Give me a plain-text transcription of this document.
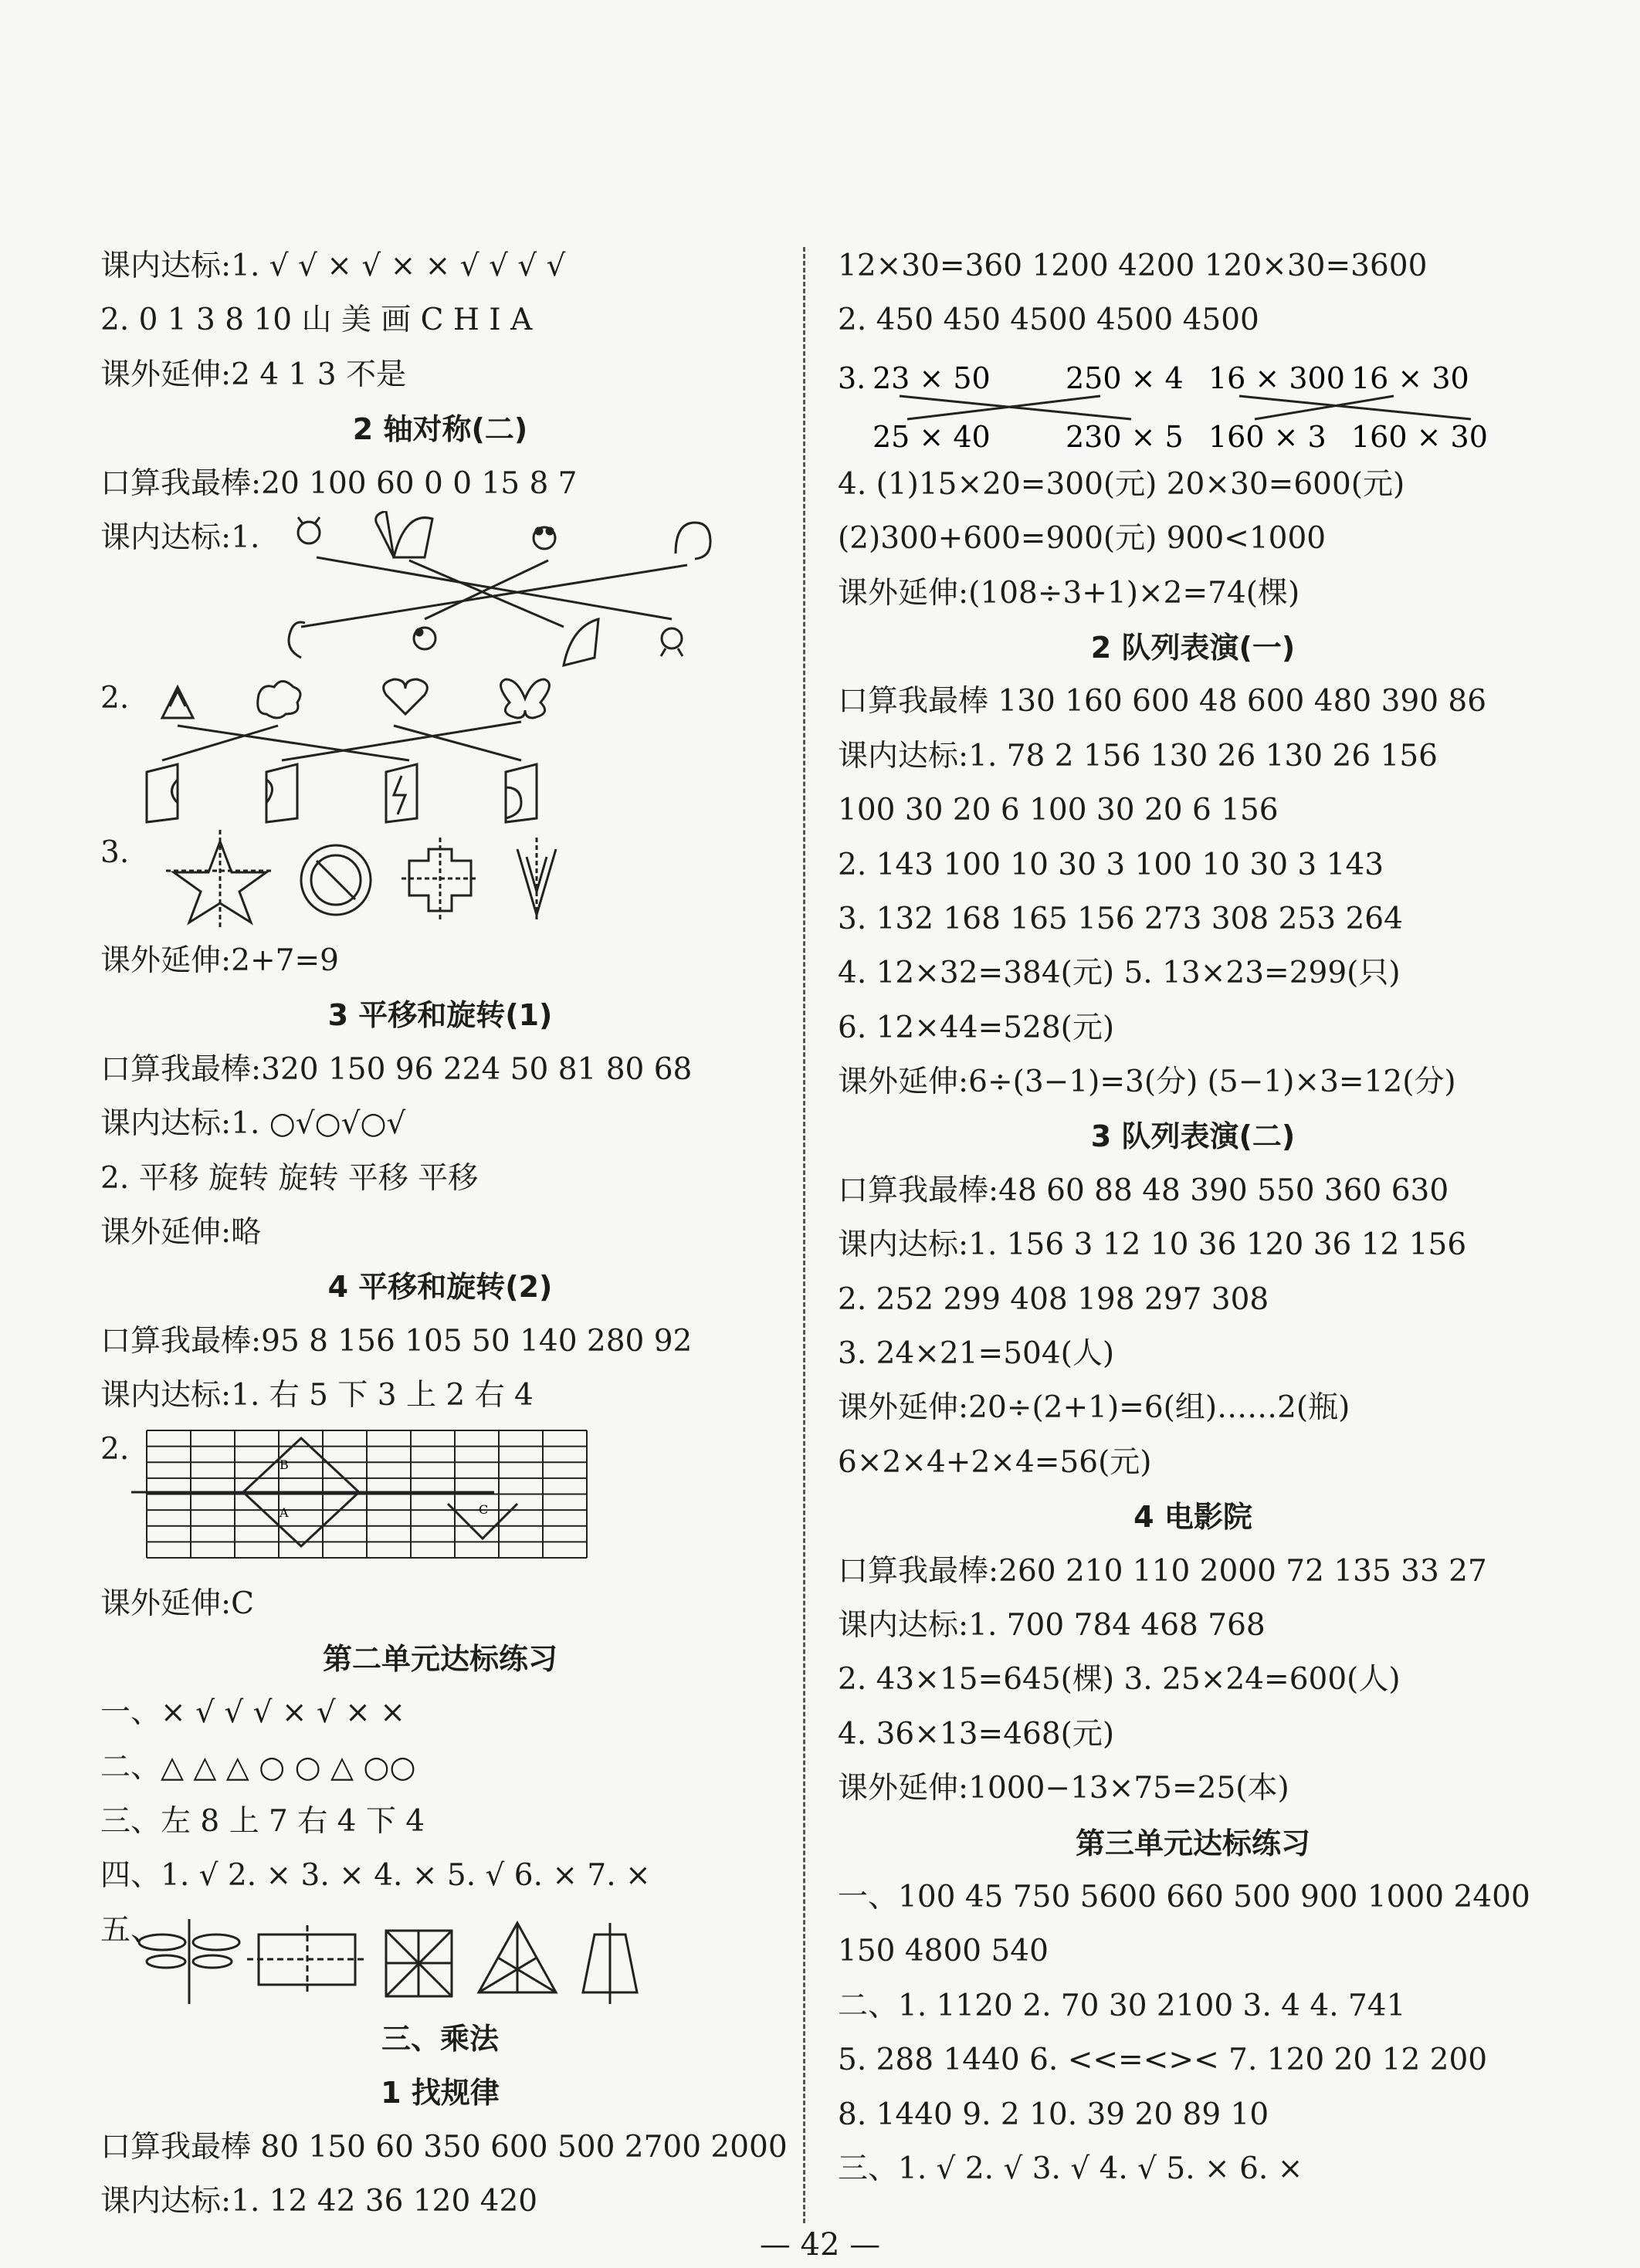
课内达标:1. √ √ × √ × × √ √ √ √
2. 0 1 3 8 10 山 美 画 C H I A
课外延伸:2 4 1 3 不是
2 轴对称(二)
口算我最棒:20 100 60 0 0 15 8 7
课内达标:1.
2.
3.
课外延伸:2+7=9
3 平移和旋转(1)
口算我最棒:320 150 96 224 50 81 80 68
课内达标:1. ○√○√○√
2. 平移 旋转 旋转 平移 平移
课外延伸:略
4 平移和旋转(2)
口算我最棒:95 8 156 105 50 140 280 92
课内达标:1. 右 5 下 3 上 2 右 4
2.	B
A	C
课外延伸:C
第二单元达标练习
一、× √ √ √ × √ × ×
二、△ △ △ ○ ○ △ ○○
三、左 8 上 7 右 4 下 4
四、1. √ 2. × 3. × 4. × 5. √ 6. × 7. ×
五、
三、乘法
1 找规律
口算我最棒 80 150 60 350 600 500 2700 2000
课内达标:1. 12 42 36 120 420
12×30=360 1200 4200 120×30=3600
2. 450 450 4500 4500 4500
3. 23 × 50	250 × 4 16 × 300 16 × 30
25 × 40	230 × 5 160 × 3 160 × 30
4. (1)15×20=300(元) 20×30=600(元)
(2)300+600=900(元) 900<1000
课外延伸:(108÷3+1)×2=74(棵)
2 队列表演(一)
口算我最棒 130 160 600 48 600 480 390 86
课内达标:1. 78 2 156 130 26 130 26 156
100 30 20 6 100 30 20 6 156
2. 143 100 10 30 3 100 10 30 3 143
3. 132 168 165 156 273 308 253 264
4. 12×32=384(元) 5. 13×23=299(只)
6. 12×44=528(元)
课外延伸:6÷(3−1)=3(分) (5−1)×3=12(分)
3 队列表演(二)
口算我最棒:48 60 88 48 390 550 360 630
课内达标:1. 156 3 12 10 36 120 36 12 156
2. 252 299 408 198 297 308
3. 24×21=504(人)
课外延伸:20÷(2+1)=6(组)……2(瓶)
6×2×4+2×4=56(元)
4 电影院
口算我最棒:260 210 110 2000 72 135 33 27
课内达标:1. 700 784 468 768
2. 43×15=645(棵) 3. 25×24=600(人)
4. 36×13=468(元)
课外延伸:1000−13×75=25(本)
第三单元达标练习
一、100 45 750 5600 660 500 900 1000 2400
150 4800 540
二、1. 1120 2. 70 30 2100 3. 4 4. 741
5. 288 1440 6. <<=<>< 7. 120 20 12 200
8. 1440 9. 2 10. 39 20 89 10
三、1. √ 2. √ 3. √ 4. √ 5. × 6. ×
— 42 —
